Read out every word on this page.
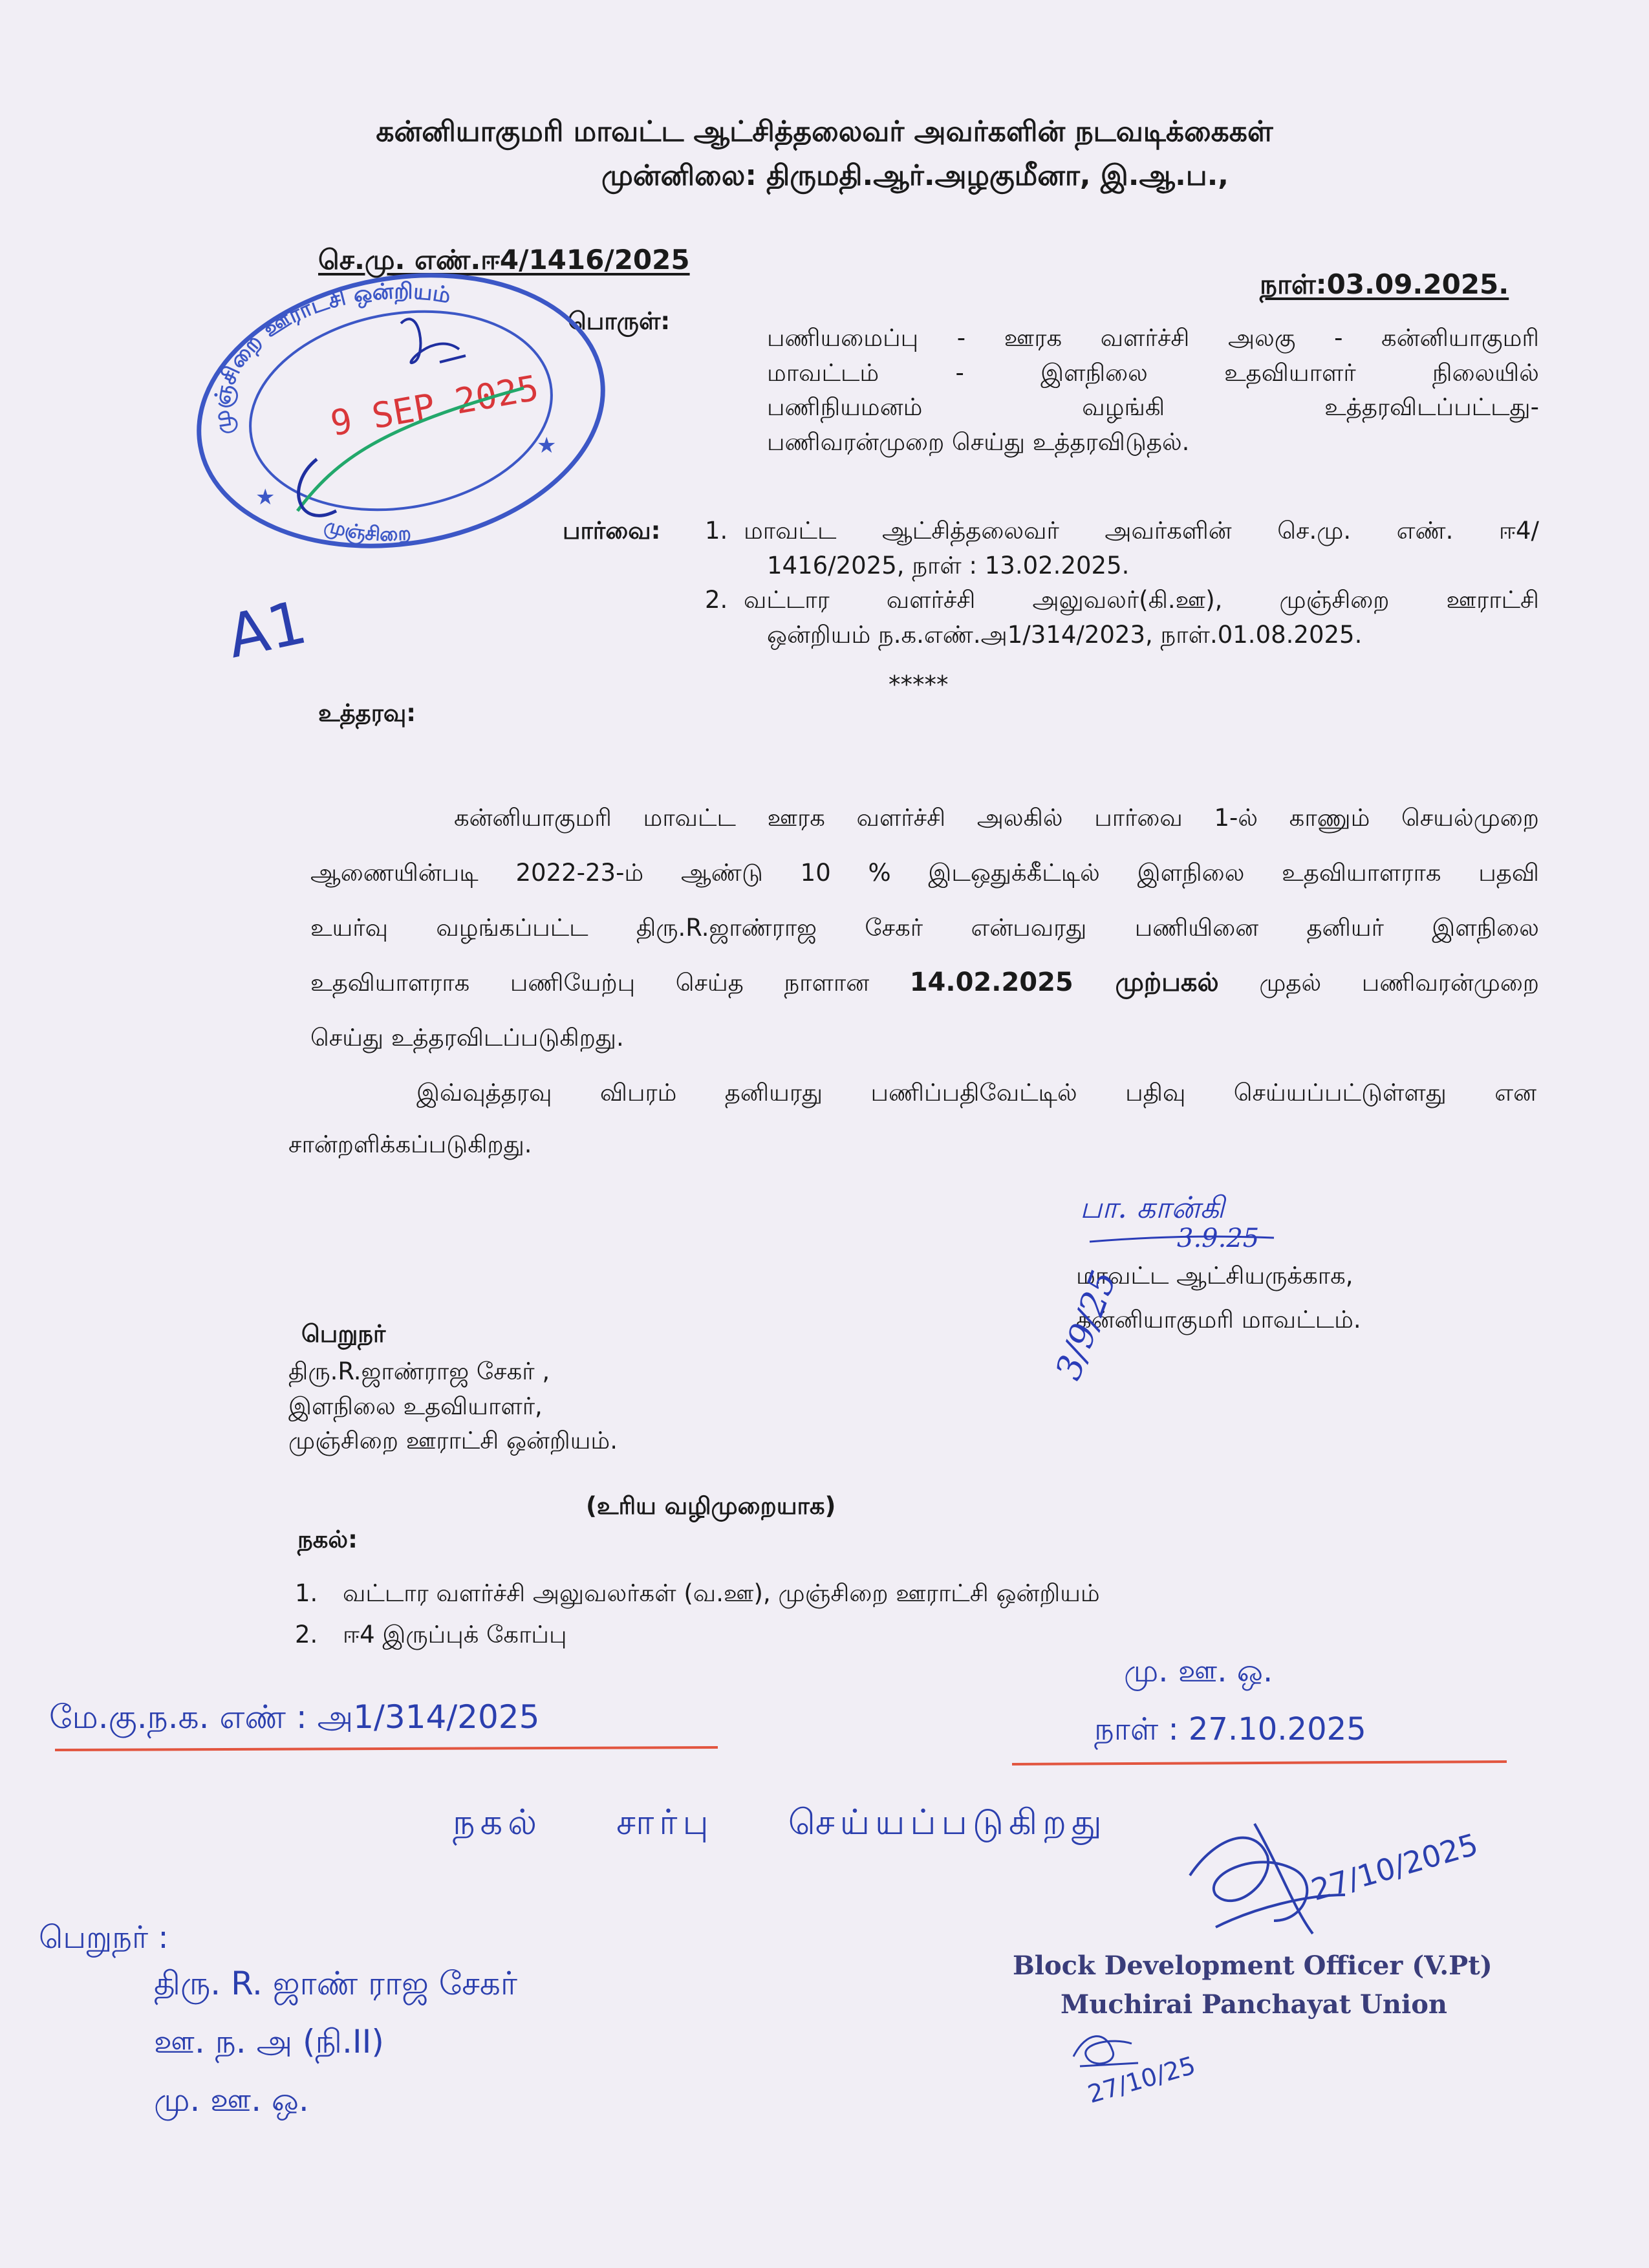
கன்னியாகுமரி மாவட்ட ஆட்சித்தலைவர் அவர்களின் நடவடிக்கைகள்
முன்னிலை: திருமதி.ஆர்.அழகுமீனா, இ.ஆ.ப.,
செ.மு. எண்.ஈ4/1416/2025
நாள்:03.09.2025.
பொருள்:
பணியமைப்பு - ஊரக வளர்ச்சி அலகு - கன்னியாகுமரி
மாவட்டம் - இளநிலை உதவியாளர் நிலையில்
பணிநியமனம் வழங்கி உத்தரவிடப்பட்டது-
பணிவரன்முறை செய்து உத்தரவிடுதல்.
பார்வை: 1. மாவட்ட ஆட்சித்தலைவர் அவர்களின் செ.மு. எண். ஈ4/
1416/2025, நாள் : 13.02.2025.
2. வட்டார வளர்ச்சி அலுவலர்(கி.ஊ), முஞ்சிறை ஊராட்சி
ஒன்றியம் ந.க.எண்.அ1/314/2023, நாள்.01.08.2025.
*****
உத்தரவு:
கன்னியாகுமரி மாவட்ட ஊரக வளர்ச்சி அலகில் பார்வை 1-ல் காணும் செயல்முறை
ஆணையின்படி 2022-23-ம் ஆண்டு 10 % இடஒதுக்கீட்டில் இளநிலை உதவியாளராக பதவி
உயர்வு வழங்கப்பட்ட திரு.R.ஜாண்ராஜ சேகர் என்பவரது பணியினை தனியர் இளநிலை
உதவியாளராக பணியேற்பு செய்த நாளான 14.02.2025 முற்பகல் முதல் பணிவரன்முறை
செய்து உத்தரவிடப்படுகிறது.
இவ்வுத்தரவு விபரம் தனியரது பணிப்பதிவேட்டில் பதிவு செய்யப்பட்டுள்ளது என
சான்றளிக்கப்படுகிறது.
பா. கான்கி
3.9.25
மாவட்ட ஆட்சியருக்காக,
கன்னியாகுமரி மாவட்டம்.
பெறுநர்
திரு.R.ஜாண்ராஜ சேகர் ,
இளநிலை உதவியாளர்,
முஞ்சிறை ஊராட்சி ஒன்றியம்.
3/9/25
(உரிய வழிமுறையாக)
நகல்:
1. வட்டார வளர்ச்சி அலுவலர்கள் (வ.ஊ), முஞ்சிறை ஊராட்சி ஒன்றியம்
2. ஈ4 இருப்புக் கோப்பு
மே.கு.ந.க. எண் : அ1/314/2025
மு. ஊ. ஒ.
நாள் : 27.10.2025
நகல் சார்பு செய்யப்படுகிறது
27/10/2025
பெறுநர் :
திரு. R. ஜாண் ராஜ சேகர்
ஊ. ந. அ (நி.II)
மு. ஊ. ஒ.
Block Development Officer (V.Pt)
Muchirai Panchayat Union
27/10/25
A1
முஞ்சிறை ஊராட்சி ஒன்றியம்
முஞ்சிறை
9 SEP 2025
★
★
